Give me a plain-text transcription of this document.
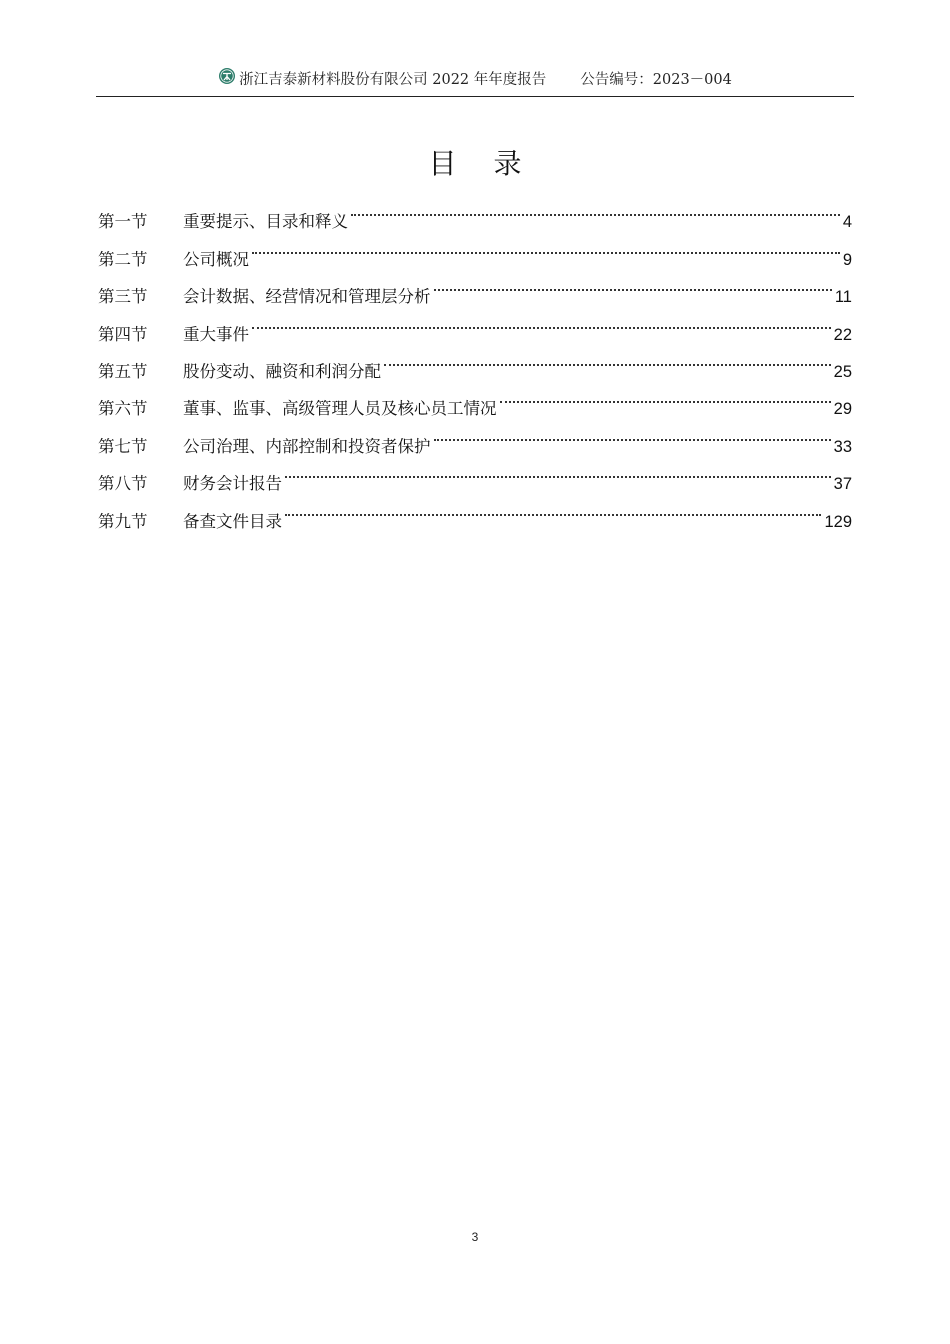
浙江吉泰新材料股份有限公司 2022 年年度报告 公告编号：2023－004
目 录
第一节	重要提示、目录和释义	4
第二节	公司概况	9
第三节	会计数据、经营情况和管理层分析	11
第四节	重大事件	22
第五节	股份变动、融资和利润分配	25
第六节	董事、监事、高级管理人员及核心员工情况	29
第七节	公司治理、内部控制和投资者保护	33
第八节	财务会计报告	37
第九节	备查文件目录	129
3
